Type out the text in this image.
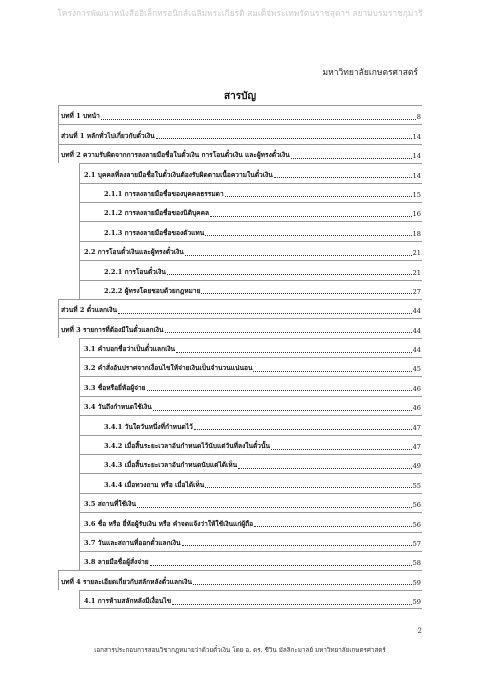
โครงการพัฒนาหนังสืออิเล็กทรอนิกส์เฉลิมพระเกียรติ สมเด็จพระเทพรัตนราชสุดาฯ สยามบรมราชกุมารี
มหาวิทยาลัยเกษตรศาสตร์
สารบัญ
บทที่ 1 บทนำ	8
ส่วนที่ 1 หลักทั่วไปเกี่ยวกับตั๋วเงิน	14
บทที่ 2 ความรับผิดจากการลงลายมือชื่อในตั๋วเงิน การโอนตั๋วเงิน และผู้ทรงตั๋วเงิน	14
2.1 บุคคลที่ลงลายมือชื่อในตั๋วเงินต้องรับผิดตามเนื้อความในตั๋วเงิน	14
2.1.1 การลงลายมือชื่อของบุคคลธรรมดา	15
2.1.2 การลงลายมือชื่อของนิติบุคคล	16
2.1.3 การลงลายมือชื่อของตัวแทน	18
2.2 การโอนตั๋วเงินและผู้ทรงตั๋วเงิน	21
2.2.1 การโอนตั๋วเงิน	21
2.2.2 ผู้ทรงโดยชอบด้วยกฎหมาย	27
ส่วนที่ 2 ตั๋วแลกเงิน	44
บทที่ 3 รายการที่ต้องมีในตั๋วแลกเงิน	44
3.1 คำบอกชื่อว่าเป็นตั๋วแลกเงิน	44
3.2 คำสั่งอันปราศจากเงื่อนไขให้จ่ายเงินเป็นจำนวนแน่นอน	45
3.3 ชื่อหรือยี่ห้อผู้จ่าย	46
3.4 วันถึงกำหนดใช้เงิน	46
3.4.1 วันใดวันหนึ่งที่กำหนดไว้	47
3.4.2 เมื่อสิ้นระยะเวลาอันกำหนดไว้นับแต่วันที่ลงในตั๋วนั้น	47
3.4.3 เมื่อสิ้นระยะเวลาอันกำหนดนับแต่ได้เห็น	49
3.4.4 เมื่อทวงถาม หรือ เมื่อได้เห็น	55
3.5 สถานที่ใช้เงิน	56
3.6 ชื่อ หรือ ยี่ห้อผู้รับเงิน หรือ คำจดแจ้งว่าให้ใช้เงินแก่ผู้ถือ	56
3.7 วันและสถานที่ออกตั๋วแลกเงิน	57
3.8 ลายมือชื่อผู้สั่งจ่าย	58
บทที่ 4 รายละเอียดเกี่ยวกับสลักหลังตั๋วแลกเงิน	59
4.1 การห้ามสลักหลังมีเงื่อนไข	59
2
เอกสารประกอบการสอนวิชากฎหมายว่าด้วยตั๋วเงิน โดย อ. ดร. ชีวิน มัลลิกะมาลย์ มหาวิทยาลัยเกษตรศาสตร์
